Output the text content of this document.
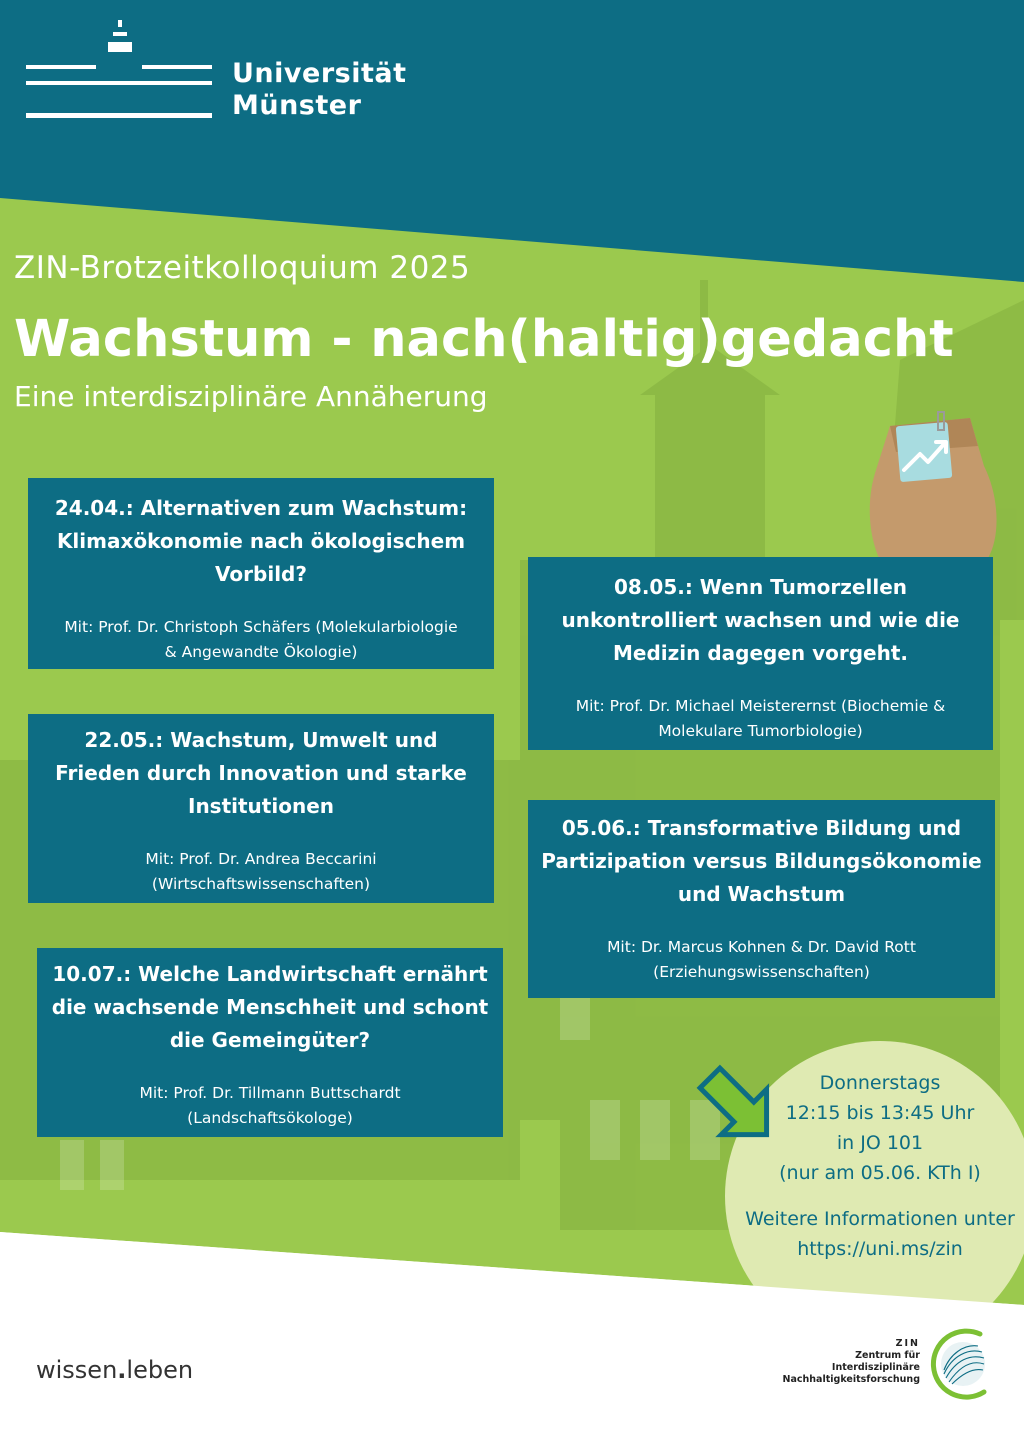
Universität
Münster
ZIN-Brotzeitkolloquium 2025
Wachstum - nach(haltig)gedacht
Eine interdisziplinäre Annäherung
24.04.: Alternativen zum Wachstum:
Klimaxökonomie nach ökologischem
Vorbild?
Mit: Prof. Dr. Christoph Schäfers (Molekularbiologie
& Angewandte Ökologie)
08.05.: Wenn Tumorzellen
unkontrolliert wachsen und wie die
Medizin dagegen vorgeht.
Mit: Prof. Dr. Michael Meisterernst (Biochemie &
Molekulare Tumorbiologie)
22.05.: Wachstum, Umwelt und
Frieden durch Innovation und starke
Institutionen
Mit: Prof. Dr. Andrea Beccarini
(Wirtschaftswissenschaften)
05.06.: Transformative Bildung und
Partizipation versus Bildungsökonomie
und Wachstum
Mit: Dr. Marcus Kohnen & Dr. David Rott
(Erziehungswissenschaften)
10.07.: Welche Landwirtschaft ernährt
die wachsende Menschheit und schont
die Gemeingüter?
Mit: Prof. Dr. Tillmann Buttschardt
(Landschaftsökologe)
Donnerstags
12:15 bis 13:45 Uhr
in JO 101
(nur am 05.06. KTh I)
Weitere Informationen unter
https://uni.ms/zin
wissen.leben
ZIN
Zentrum für
Interdisziplinäre
Nachhaltigkeitsforschung
